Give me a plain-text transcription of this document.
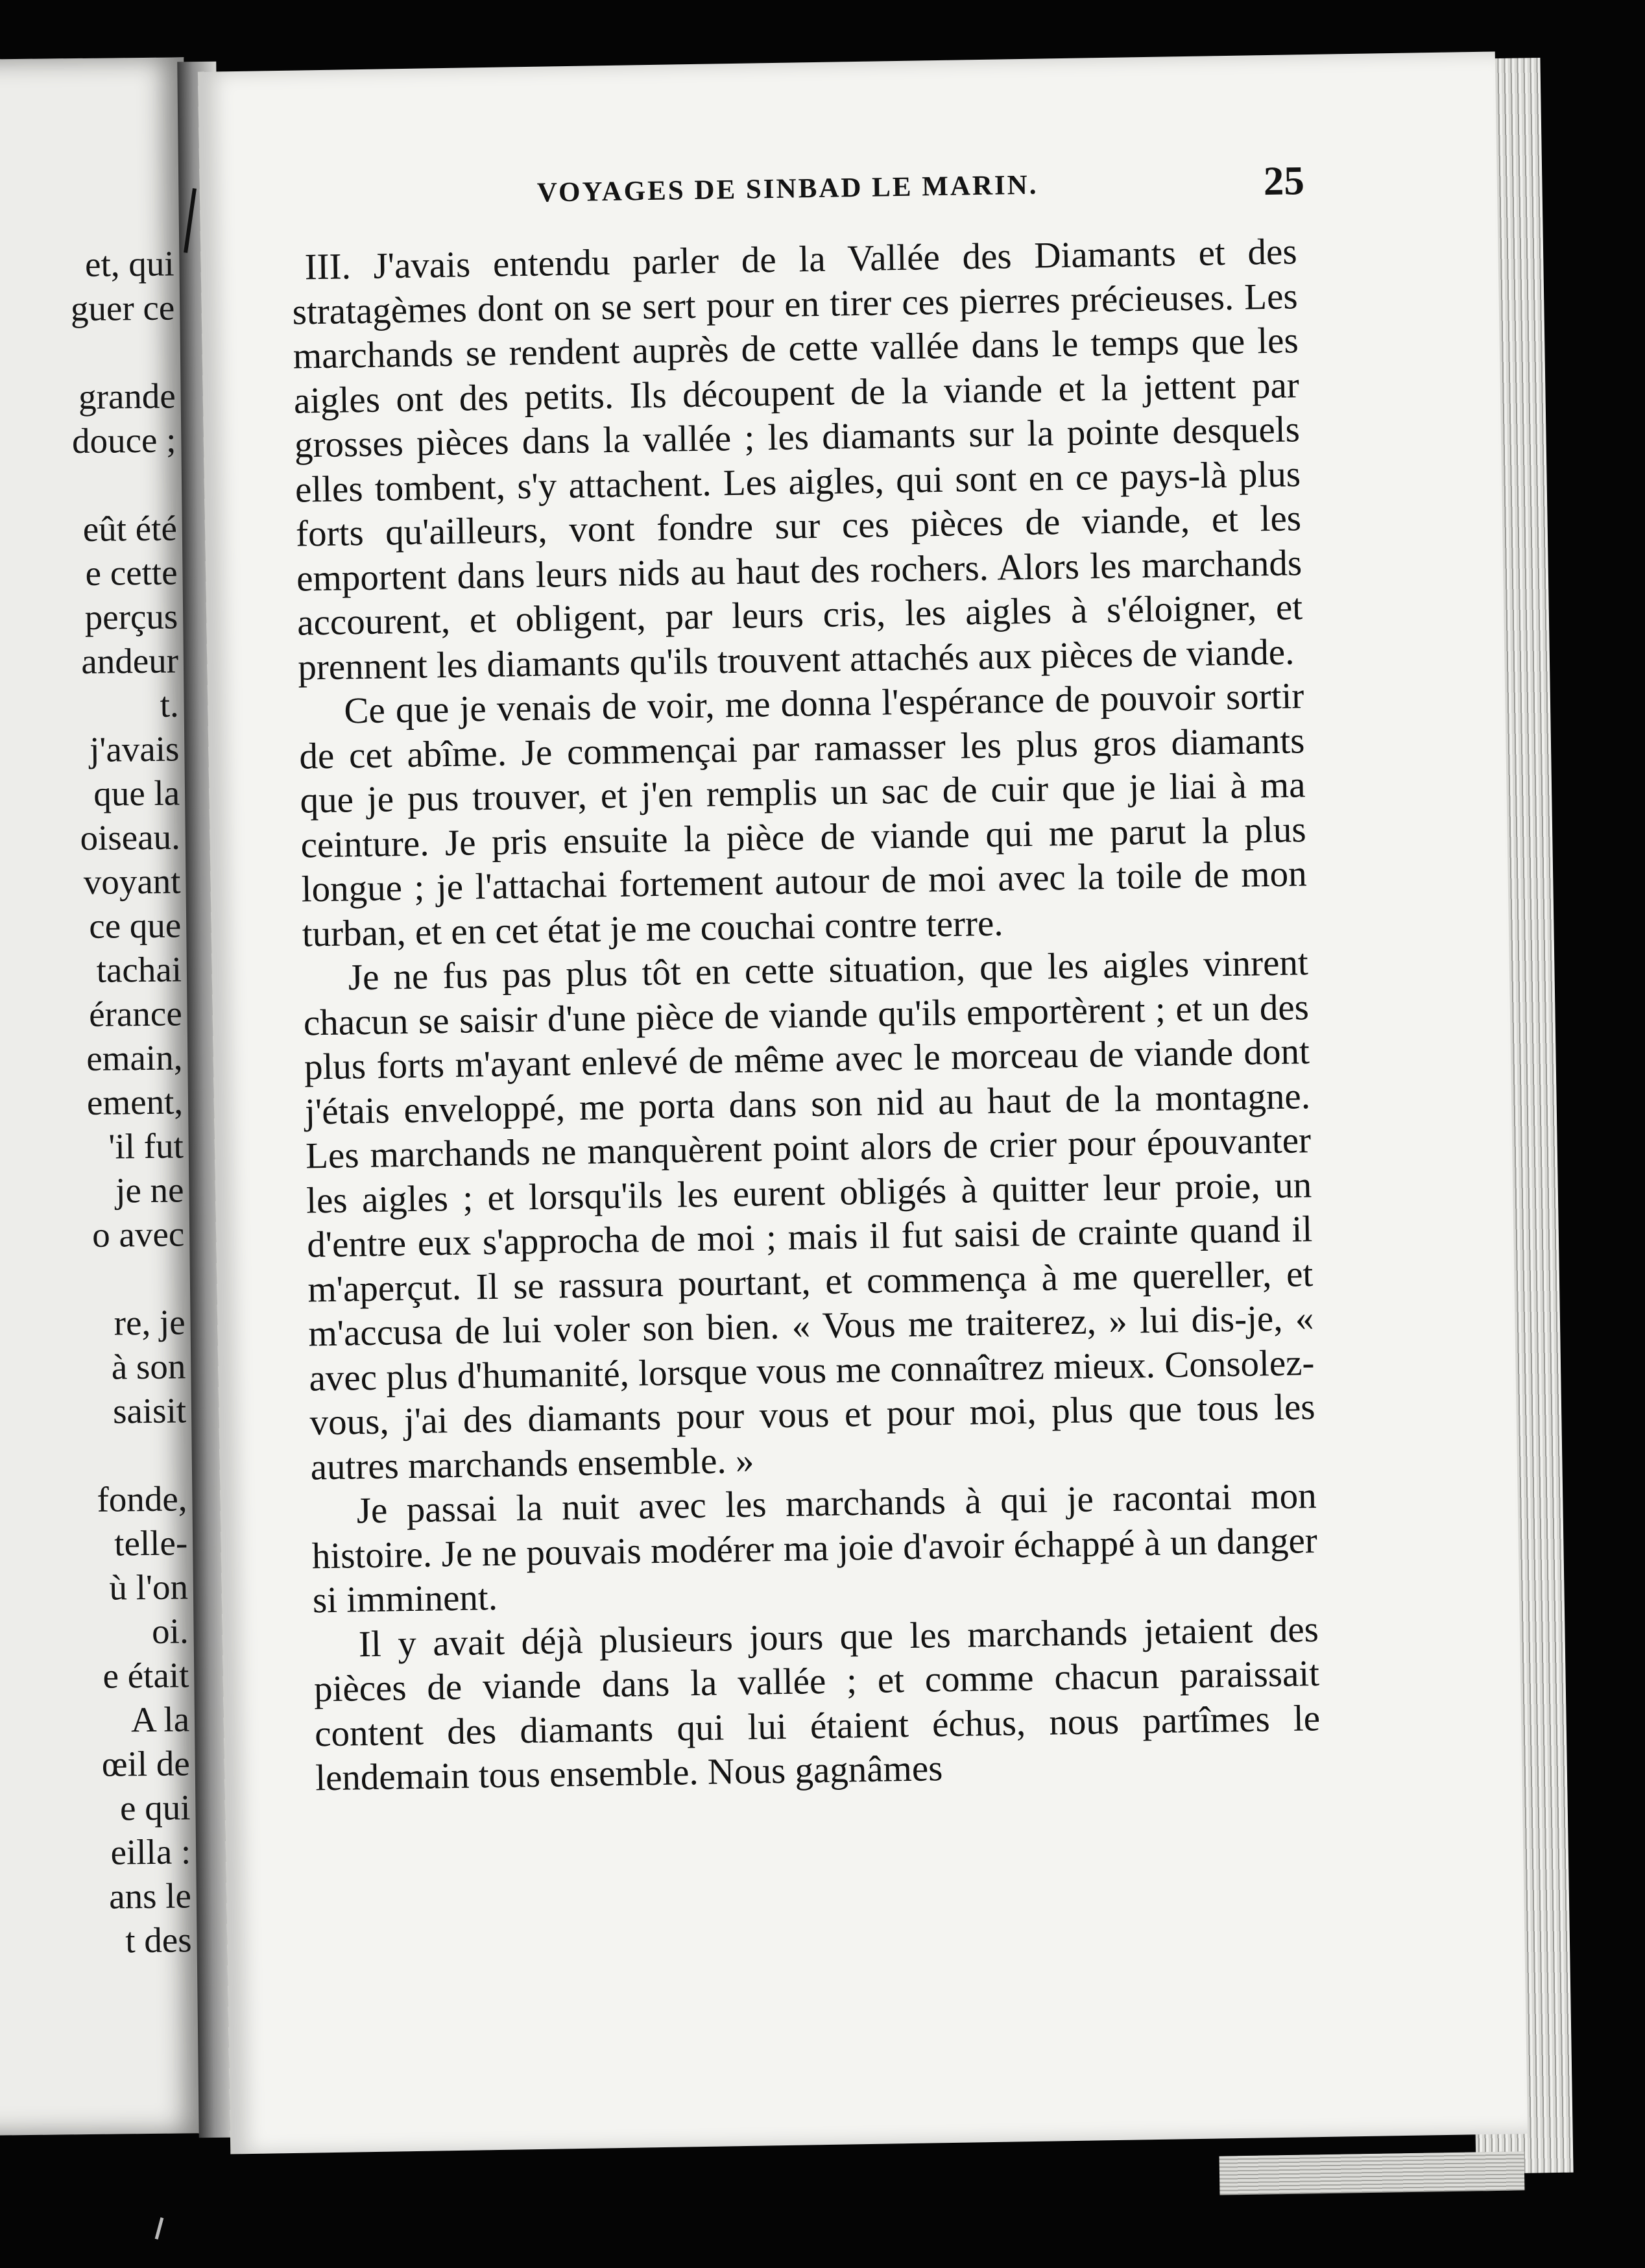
et, qui
guer ce
grande
douce ;
eût été
e cette
perçus
andeur
t.
j'avais
que la
oiseau.
voyant
ce que
tachai
érance
emain,
ement,
'il fut
je ne
o avec
re, je
à son
saisit
fonde,
telle-
ù l'on
oi.
e était
A la
œil de
e qui
eilla :
ans le
t des
VOYAGES DE SINBAD LE MARIN.	25

III. J'avais entendu parler de la Vallée des Diamants et des stratagèmes dont on se sert pour en tirer ces pierres précieuses. Les marchands se rendent auprès de cette vallée dans le temps que les aigles ont des petits. Ils découpent de la viande et la jettent par grosses pièces dans la vallée ; les diamants sur la pointe desquels elles tombent, s'y attachent. Les aigles, qui sont en ce pays-là plus forts qu'ailleurs, vont fondre sur ces pièces de viande, et les emportent dans leurs nids au haut des rochers. Alors les marchands accourent, et obligent, par leurs cris, les aigles à s'éloigner, et prennent les diamants qu'ils trouvent attachés aux pièces de viande.

Ce que je venais de voir, me donna l'espérance de pouvoir sortir de cet abîme. Je commençai par ramasser les plus gros diamants que je pus trouver, et j'en remplis un sac de cuir que je liai à ma ceinture. Je pris ensuite la pièce de viande qui me parut la plus longue ; je l'attachai fortement autour de moi avec la toile de mon turban, et en cet état je me couchai contre terre.

Je ne fus pas plus tôt en cette situation, que les aigles vinrent chacun se saisir d'une pièce de viande qu'ils emportèrent ; et un des plus forts m'ayant enlevé de même avec le morceau de viande dont j'étais enveloppé, me porta dans son nid au haut de la montagne. Les marchands ne manquèrent point alors de crier pour épouvanter les aigles ; et lorsqu'ils les eurent obligés à quitter leur proie, un d'entre eux s'approcha de moi ; mais il fut saisi de crainte quand il m'aperçut. Il se rassura pourtant, et commença à me quereller, et m'accusa de lui voler son bien. « Vous me traiterez, » lui dis-je, « avec plus d'humanité, lorsque vous me connaîtrez mieux. Consolez-vous, j'ai des diamants pour vous et pour moi, plus que tous les autres marchands ensemble. »

Je passai la nuit avec les marchands à qui je racontai mon histoire. Je ne pouvais modérer ma joie d'avoir échappé à un danger si imminent.

Il y avait déjà plusieurs jours que les marchands jetaient des pièces de viande dans la vallée ; et comme chacun paraissait content des diamants qui lui étaient échus, nous partîmes le lendemain tous ensemble. Nous gagnâmes
